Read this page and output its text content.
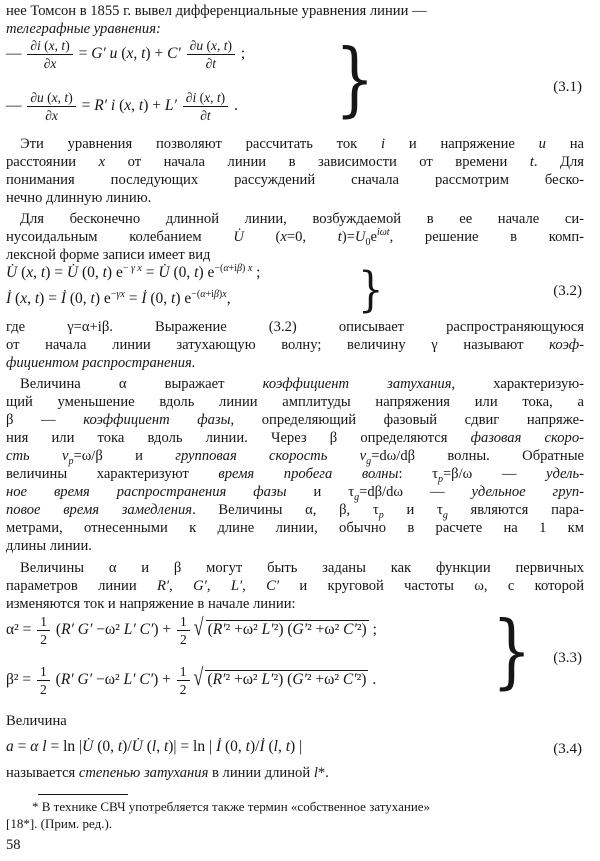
нее Томсон в 1855 г. вывел дифференциальные уравнения линии —
телеграфные уравнения:
— $\frac{\partial i (x, t)}{\partial x} = G'$ u (x, $t) + C' \frac{\partial u (x, t)}{\partial t}$ ;
— $\frac{\partial u (x, t)}{\partial x} = R'$ i (x, $t) + L' \frac{\partial i (x, t)}{\partial t}$ . }	(3.1)
Эти уравнения позволяют рассчитать ток i и напряжение u на
расстоянии x от начала линии в зависимости от времени t. Для
понимания последующих рассуждений сначала рассмотрим беско-
нечно длинную линию.
Для бесконечно длинной линии, возбуждаемой в ее начале си-
нусоидальным колебанием U̇ (x=0, $t)=U_0e^{i\omega t}$, решение в комп-
лексной форме записи имеет вид
U̇ (x, t) = U̇ (0, t) $e^{- \gamma x}$ = U̇ (0, t) $e^{-(\alpha+i\beta) x}$ ;
İ (x, t) = İ (0, t) $e^{-\gamma x}$ = İ (0, t) $e^{-(\alpha+i\beta)x}$,	}	(3.2)
где γ=α+iβ. Выражение (3.2) описывает распространяющуюся
от начала линии затухающую волну; величину γ называют коэф-
фициентом распространения.
Величина α выражает коэффициент затухания, характеризую-
щий уменьшение вдоль линии амплитуды напряжения или тока, а
β — коэффициент фазы, определяющий фазовый сдвиг напряже-
ния или тока вдоль линии. Через β определяются фазовая скоро-
сть $v_p=\omega/\beta$ и групповая скорость $v_g=d\omega/d\beta$ волны. Обратные
величины характеризуют время пробега волны: $\tau_p=\beta/\omega$ — удель-
ное время распространения фазы и $\tau_g=d\beta/d\omega$ — удельное груп-
повое время замедления. Величины α, β, $\tau_p$ и $\tau_g$ являются пара-
метрами, отнесенными к длине линии, обычно в расчете на 1 км
длины линии.
Величины α и β могут быть заданы как функции первичных
параметров линии R′, G′, L′, C′ и круговой частоты ω, с которой
изменяются ток и напряжение в начале линии:
$\alpha^2 = \frac{1}{2} (R'$ G′ −ω² L′ $C') + \frac{1}{2}$
√ (R′² +ω² L′²) (G′² +ω² C′²) ;
$\beta^2 = \frac{1}{2} (R'$ G′ −ω² L′ $C') + \frac{1}{2}$
√ (R′² +ω² L′²) (G′² +ω² C′²) . } (3.3)
Величина
a = α l = ln |U̇ (0, t)/U̇ (l, t)| = ln | İ (0, t)/İ (l, t) |	(3.4)
называется степенью затухания в линии длиной l*.
* В технике СВЧ употребляется также термин «собственное затухание»
[18*]. (Прим. ред.).
58
